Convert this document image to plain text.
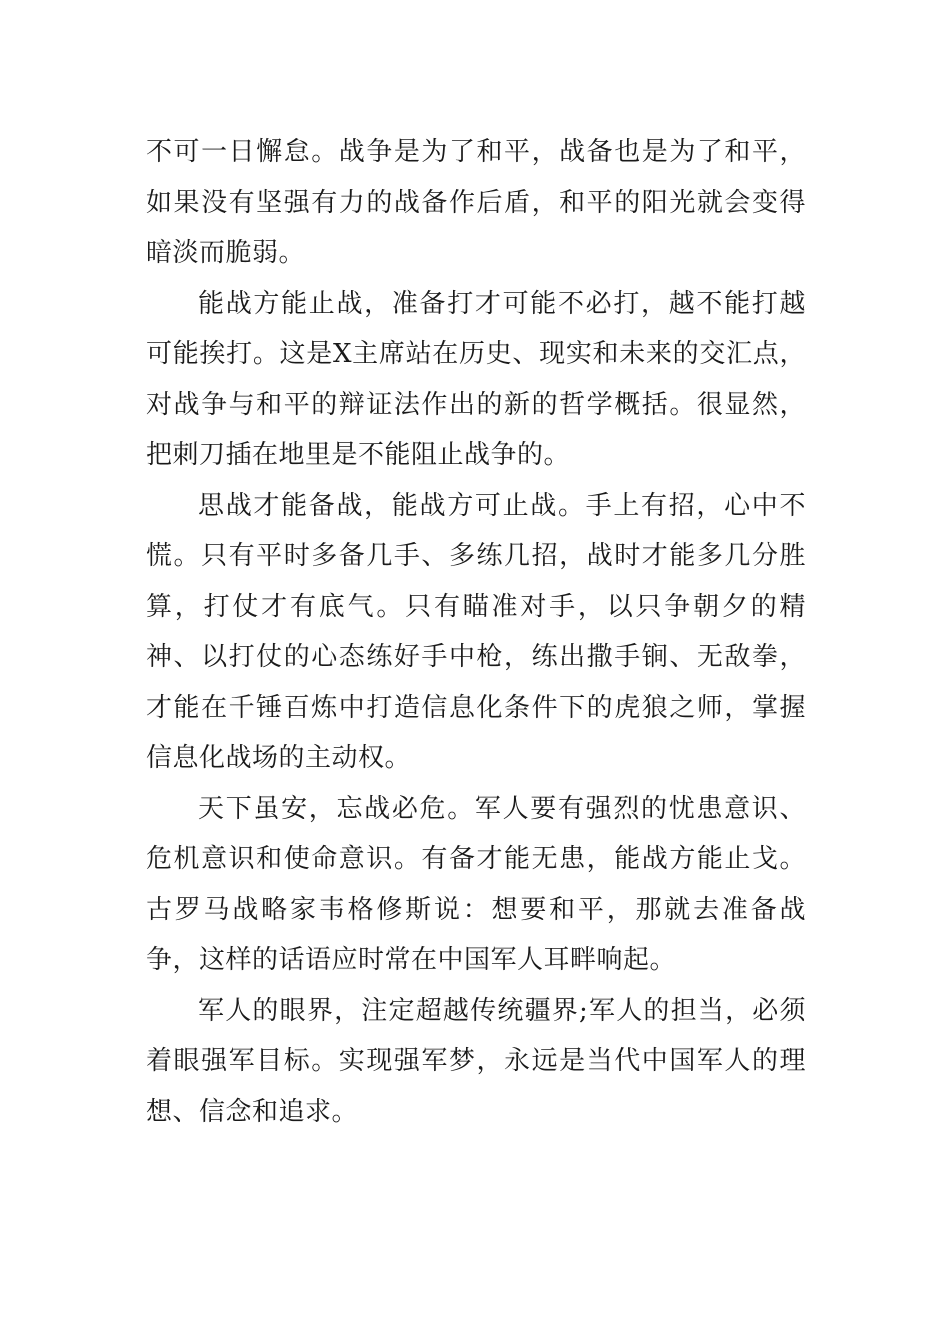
不可一日懈怠。战争是为了和平，战备也是为了和平，如果没有坚强有力的战备作后盾，和平的阳光就会变得暗淡而脆弱。

能战方能止战，准备打才可能不必打，越不能打越可能挨打。这是X主席站在历史、现实和未来的交汇点，对战争与和平的辩证法作出的新的哲学概括。很显然，把刺刀插在地里是不能阻止战争的。

思战才能备战，能战方可止战。手上有招，心中不慌。只有平时多备几手、多练几招，战时才能多几分胜算，打仗才有底气。只有瞄准对手，以只争朝夕的精神、以打仗的心态练好手中枪，练出撒手锏、无敌拳，才能在千锤百炼中打造信息化条件下的虎狼之师，掌握信息化战场的主动权。

天下虽安，忘战必危。军人要有强烈的忧患意识、危机意识和使命意识。有备才能无患，能战方能止戈。古罗马战略家韦格修斯说：想要和平，那就去准备战争，这样的话语应时常在中国军人耳畔响起。

军人的眼界，注定超越传统疆界;军人的担当，必须着眼强军目标。实现强军梦，永远是当代中国军人的理想、信念和追求。
